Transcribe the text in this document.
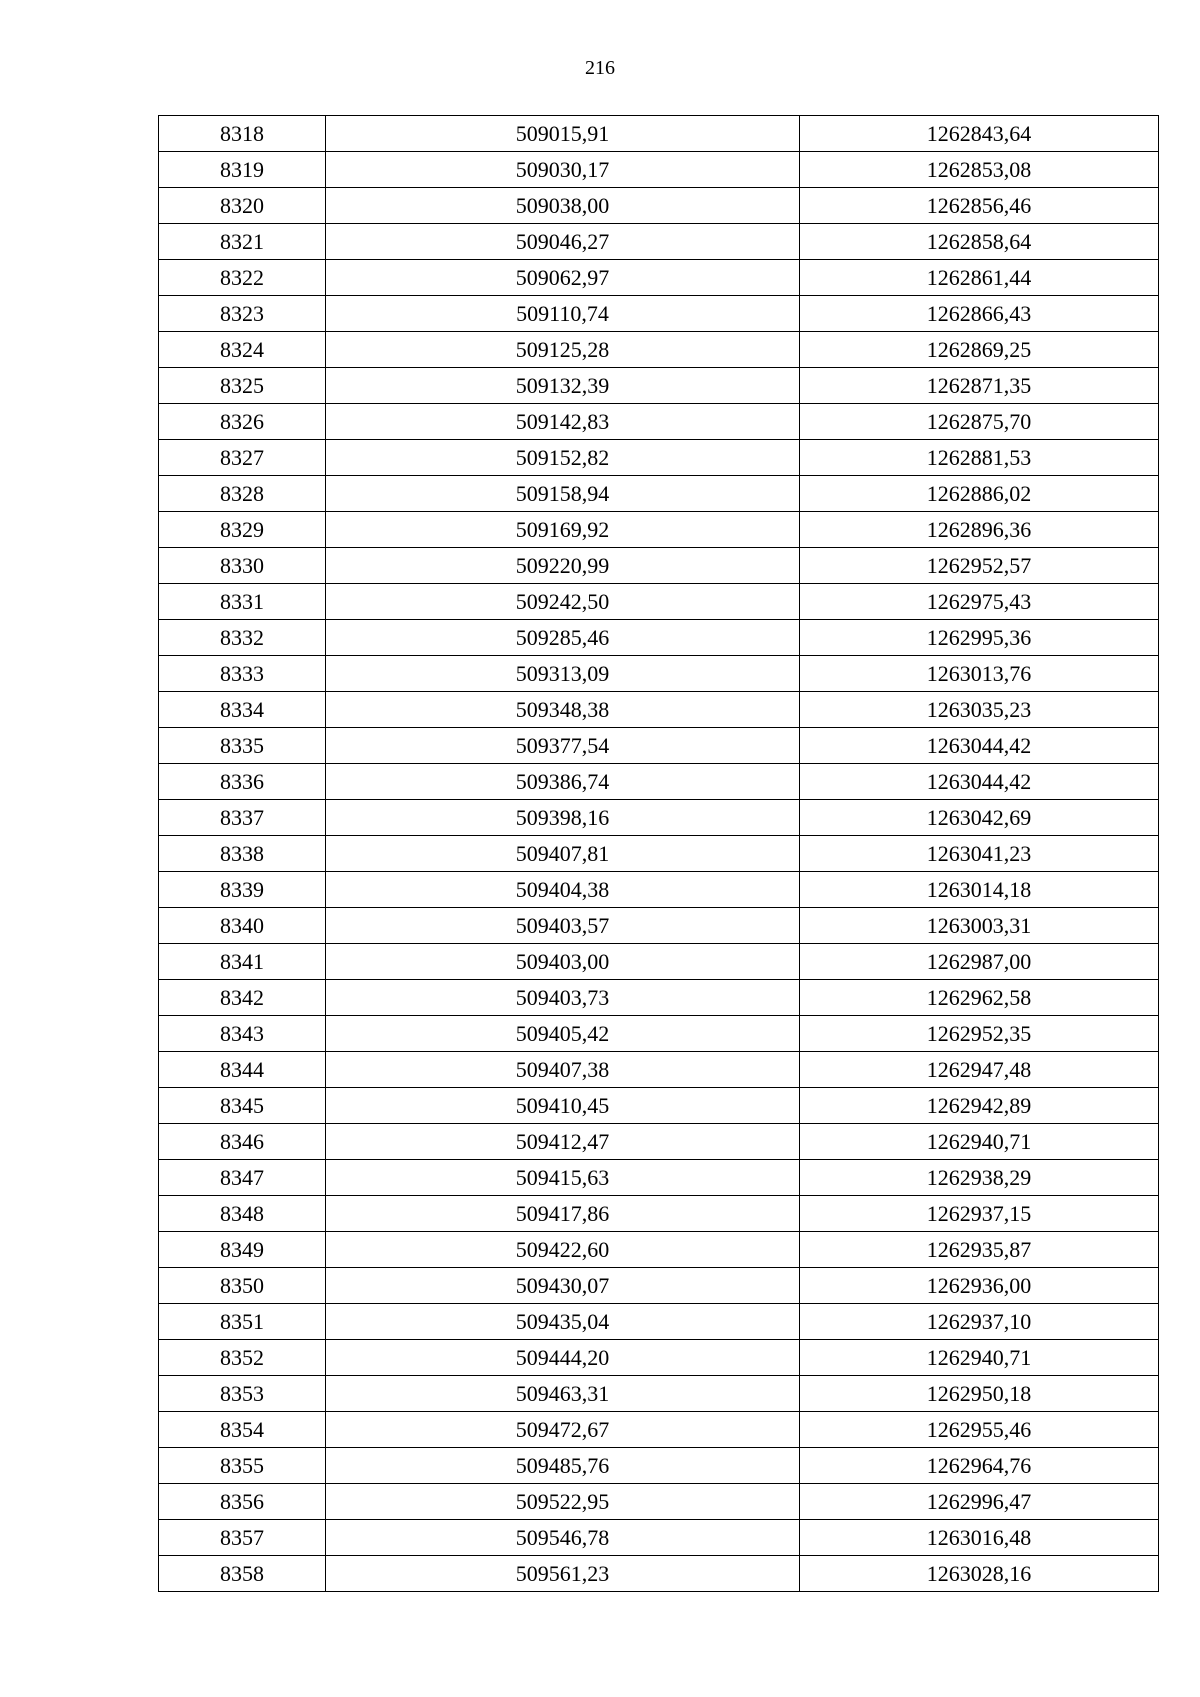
216
8318	509015,91	1262843,64
8319	509030,17	1262853,08
8320	509038,00	1262856,46
8321	509046,27	1262858,64
8322	509062,97	1262861,44
8323	509110,74	1262866,43
8324	509125,28	1262869,25
8325	509132,39	1262871,35
8326	509142,83	1262875,70
8327	509152,82	1262881,53
8328	509158,94	1262886,02
8329	509169,92	1262896,36
8330	509220,99	1262952,57
8331	509242,50	1262975,43
8332	509285,46	1262995,36
8333	509313,09	1263013,76
8334	509348,38	1263035,23
8335	509377,54	1263044,42
8336	509386,74	1263044,42
8337	509398,16	1263042,69
8338	509407,81	1263041,23
8339	509404,38	1263014,18
8340	509403,57	1263003,31
8341	509403,00	1262987,00
8342	509403,73	1262962,58
8343	509405,42	1262952,35
8344	509407,38	1262947,48
8345	509410,45	1262942,89
8346	509412,47	1262940,71
8347	509415,63	1262938,29
8348	509417,86	1262937,15
8349	509422,60	1262935,87
8350	509430,07	1262936,00
8351	509435,04	1262937,10
8352	509444,20	1262940,71
8353	509463,31	1262950,18
8354	509472,67	1262955,46
8355	509485,76	1262964,76
8356	509522,95	1262996,47
8357	509546,78	1263016,48
8358	509561,23	1263028,16
